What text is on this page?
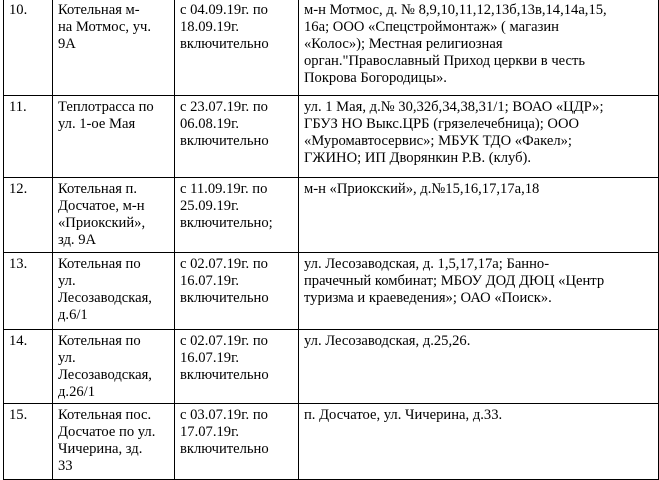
10.	Котельная м-
на Мотмос, уч.
9А	с 04.09.19г. по
18.09.19г.
включительно	м-н Мотмос, д. № 8,9,10,11,12,13б,13в,14,14а,15,
16а; ООО «Спецстроймонтаж» ( магазин
«Колос»); Местная религиозная
орган."Православный Приход церкви в честь
Покрова Богородицы».
11.	Теплотрасса по
ул. 1-ое Мая	с 23.07.19г. по
06.08.19г.
включительно	ул. 1 Мая, д.№ 30,32б,34,38,31/1; ВОАО «ЦДР»;
ГБУЗ НО Выкс.ЦРБ (грязелечебница); ООО
«Муромавтосервис»; МБУК ТДО «Факел»;
ГЖИНО; ИП Дворянкин Р.В. (клуб).
12.	Котельная п.
Досчатое, м-н
«Приокский»,
зд. 9А	с 11.09.19г. по
25.09.19г.
включительно;	м-н «Приокский», д.№15,16,17,17а,18
13.	Котельная по
ул.
Лесозаводская,
д.6/1	с 02.07.19г. по
16.07.19г.
включительно	ул. Лесозаводская, д. 1,5,17,17а; Банно-
прачечный комбинат; МБОУ ДОД ДЮЦ «Центр
туризма и краеведения»; ОАО «Поиск».
14.	Котельная по
ул.
Лесозаводская,
д.26/1	с 02.07.19г. по
16.07.19г.
включительно	ул. Лесозаводская, д.25,26.
15.	Котельная пос.
Досчатое по ул.
Чичерина, зд.
33	с 03.07.19г. по
17.07.19г.
включительно	п. Досчатое, ул. Чичерина, д.33.
